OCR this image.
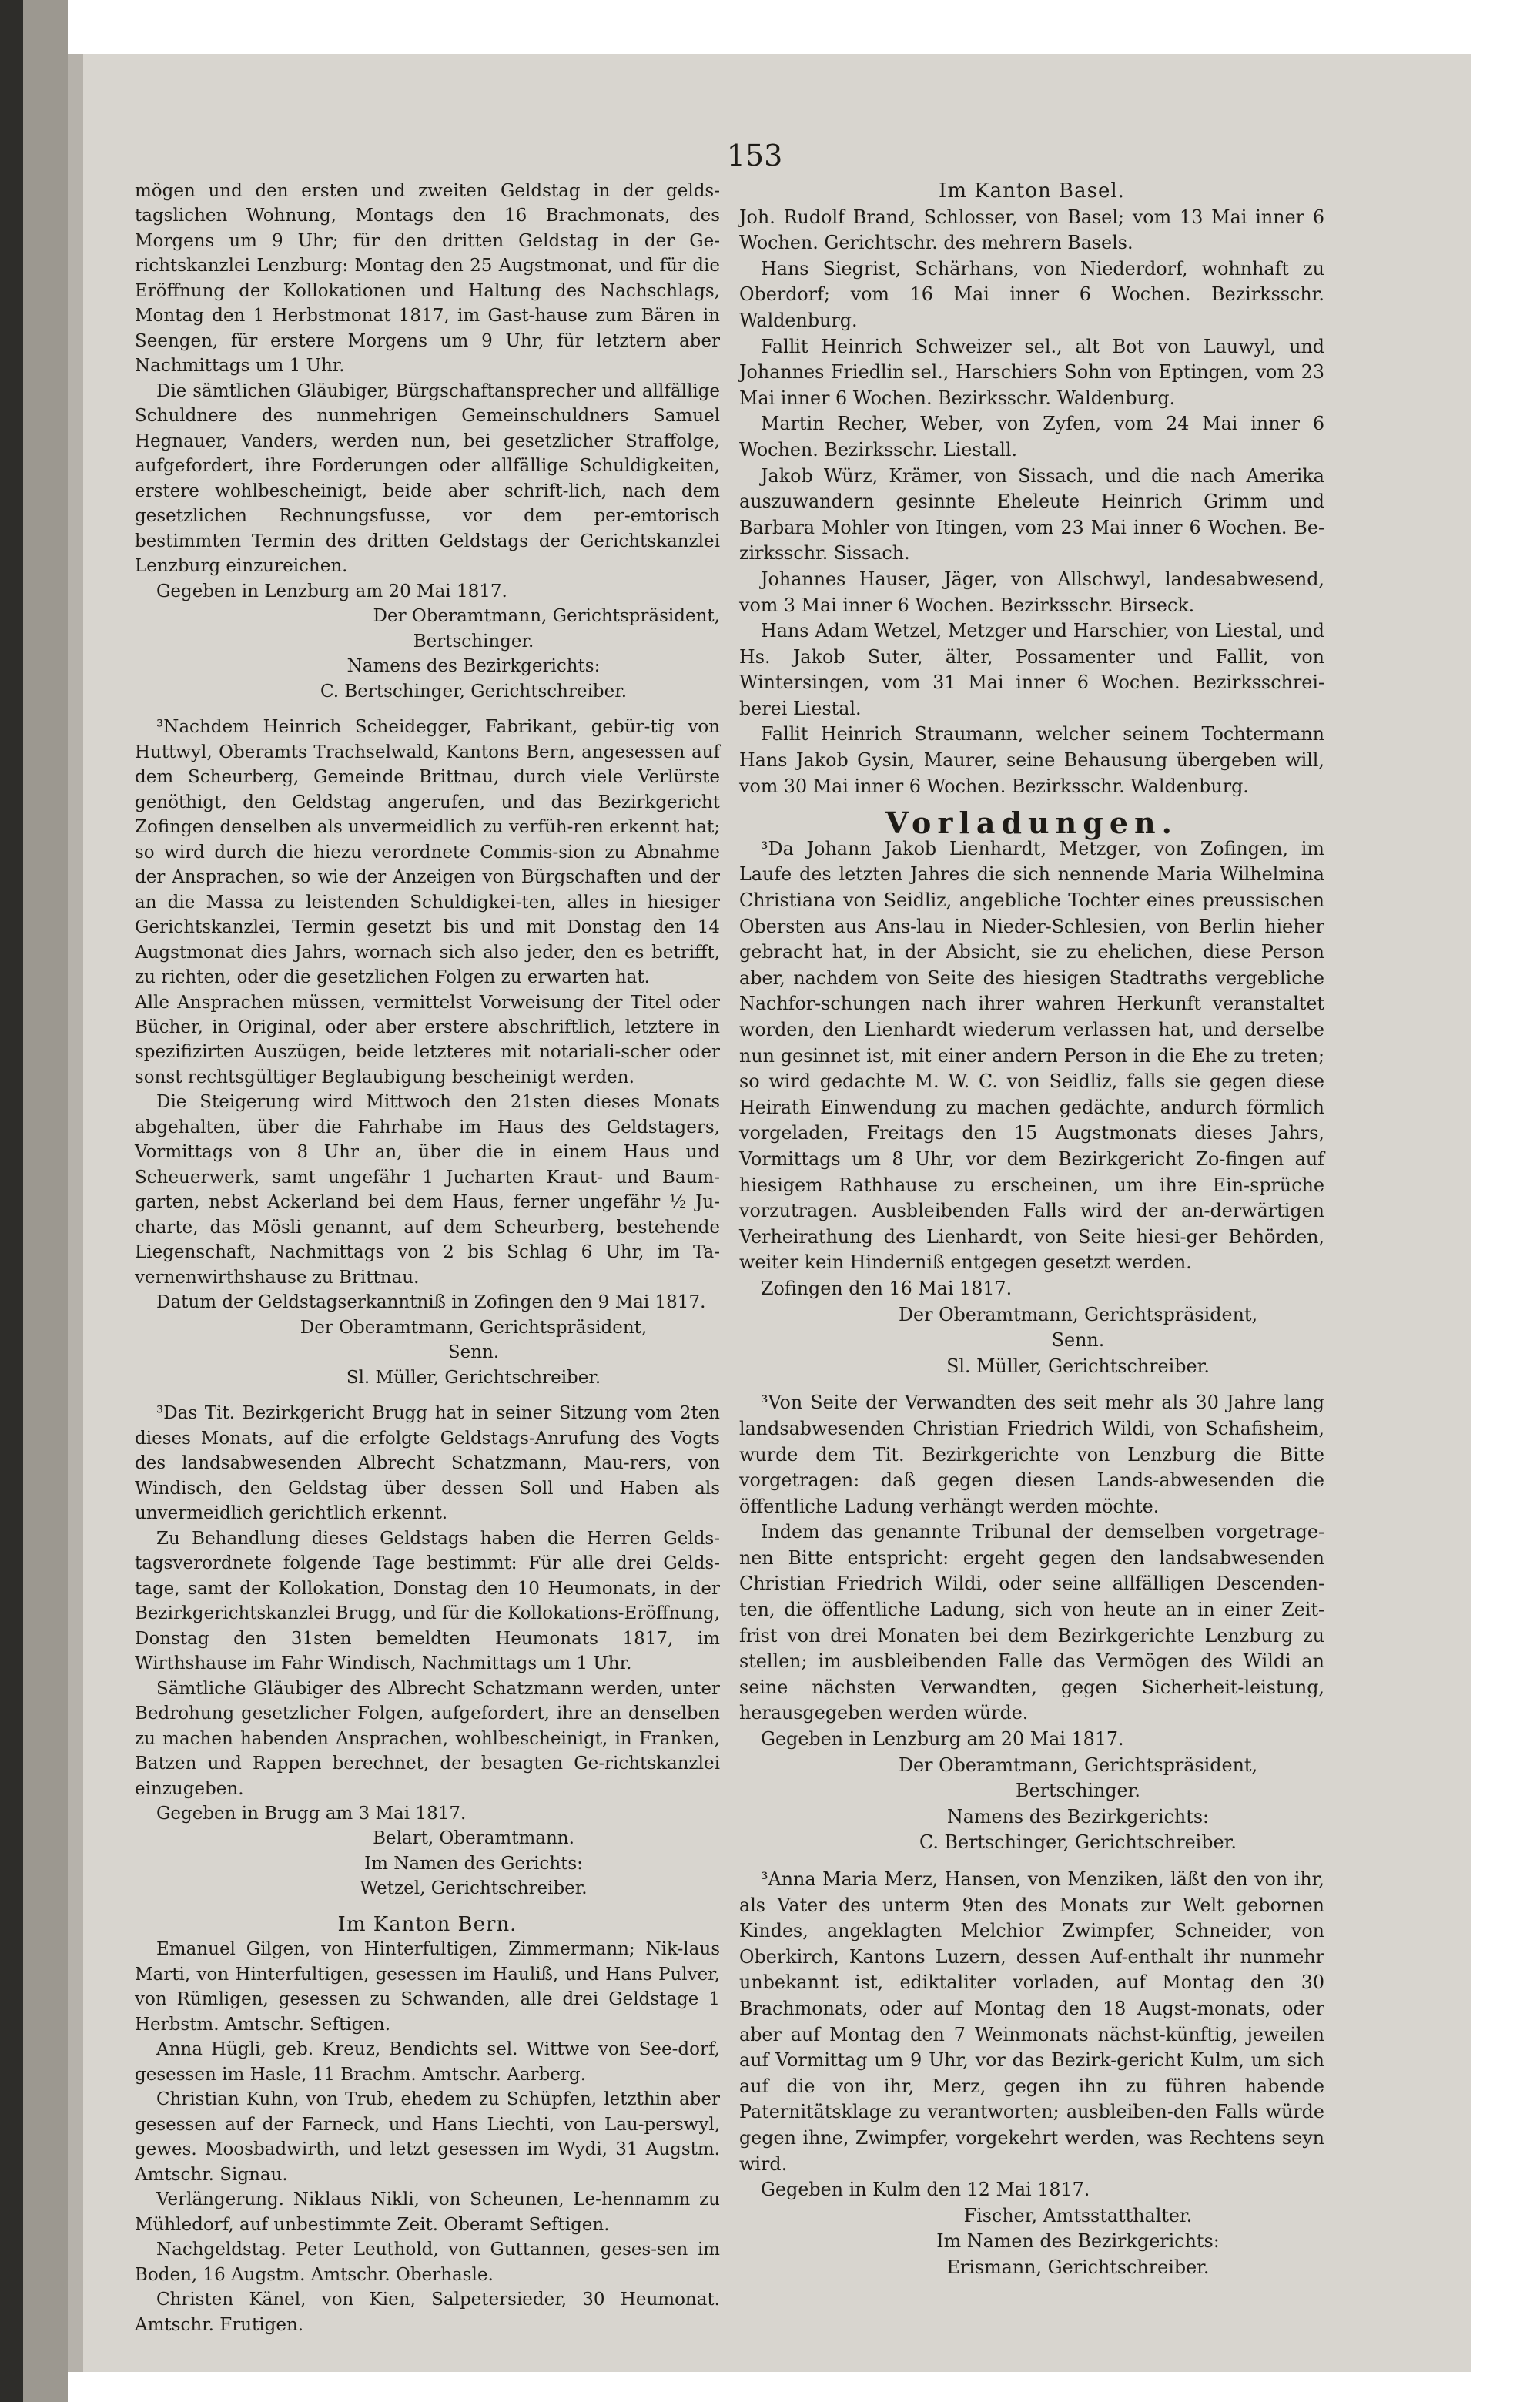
153

mögen und den ersten und zweiten Geldstag in der gelds-tagslichen Wohnung, Montags den 16 Brachmonats, des Morgens um 9 Uhr; für den dritten Geldstag in der Ge-richtskanzlei Lenzburg: Montag den 25 Augstmonat, und für die Eröffnung der Kollokationen und Haltung des Nachschlags, Montag den 1 Herbstmonat 1817, im Gast-hause zum Bären in Seengen, für erstere Morgens um 9 Uhr, für letztern aber Nachmittags um 1 Uhr.

Die sämtlichen Gläubiger, Bürgschaftansprecher und allfällige Schuldnere des nunmehrigen Gemeinschuldners Samuel Hegnauer, Vanders, werden nun, bei gesetzlicher Straffolge, aufgefordert, ihre Forderungen oder allfällige Schuldigkeiten, erstere wohlbescheinigt, beide aber schrift-lich, nach dem gesetzlichen Rechnungsfusse, vor dem per-emtorisch bestimmten Termin des dritten Geldstags der Gerichtskanzlei Lenzburg einzureichen.

Gegeben in Lenzburg am 20 Mai 1817.

Der Oberamtmann, Gerichtspräsident,

Bertschinger.

Namens des Bezirkgerichts:

C. Bertschinger, Gerichtschreiber.

³Nachdem Heinrich Scheidegger, Fabrikant, gebür-tig von Huttwyl, Oberamts Trachselwald, Kantons Bern, angesessen auf dem Scheurberg, Gemeinde Brittnau, durch viele Verlürste genöthigt, den Geldstag angerufen, und das Bezirkgericht Zofingen denselben als unvermeidlich zu verfüh-ren erkennt hat; so wird durch die hiezu verordnete Commis-sion zu Abnahme der Ansprachen, so wie der Anzeigen von Bürgschaften und der an die Massa zu leistenden Schuldigkei-ten, alles in hiesiger Gerichtskanzlei, Termin gesetzt bis und mit Donstag den 14 Augstmonat dies Jahrs, wornach sich also jeder, den es betrifft, zu richten, oder die gesetzlichen Folgen zu erwarten hat.

Alle Ansprachen müssen, vermittelst Vorweisung der Titel oder Bücher, in Original, oder aber erstere abschriftlich, letztere in spezifizirten Auszügen, beide letzteres mit notariali-scher oder sonst rechtsgültiger Beglaubigung bescheinigt werden.

Die Steigerung wird Mittwoch den 21sten dieses Monats abgehalten, über die Fahrhabe im Haus des Geldstagers, Vormittags von 8 Uhr an, über die in einem Haus und Scheuerwerk, samt ungefähr 1 Jucharten Kraut- und Baum-garten, nebst Ackerland bei dem Haus, ferner ungefähr ½ Ju-charte, das Mösli genannt, auf dem Scheurberg, bestehende Liegenschaft, Nachmittags von 2 bis Schlag 6 Uhr, im Ta-vernenwirthshause zu Brittnau.

Datum der Geldstagserkanntniß in Zofingen den 9 Mai 1817.

Der Oberamtmann, Gerichtspräsident,

Senn.

Sl. Müller, Gerichtschreiber.

³Das Tit. Bezirkgericht Brugg hat in seiner Sitzung vom 2ten dieses Monats, auf die erfolgte Geldstags-Anrufung des Vogts des landsabwesenden Albrecht Schatzmann, Mau-rers, von Windisch, den Geldstag über dessen Soll und Haben als unvermeidlich gerichtlich erkennt.

Zu Behandlung dieses Geldstags haben die Herren Gelds-tagsverordnete folgende Tage bestimmt: Für alle drei Gelds-tage, samt der Kollokation, Donstag den 10 Heumonats, in der Bezirkgerichtskanzlei Brugg, und für die Kollokations-Eröffnung, Donstag den 31sten bemeldten Heumonats 1817, im Wirthshause im Fahr Windisch, Nachmittags um 1 Uhr.

Sämtliche Gläubiger des Albrecht Schatzmann werden, unter Bedrohung gesetzlicher Folgen, aufgefordert, ihre an denselben zu machen habenden Ansprachen, wohlbescheinigt, in Franken, Batzen und Rappen berechnet, der besagten Ge-richtskanzlei einzugeben.

Gegeben in Brugg am 3 Mai 1817.

Belart, Oberamtmann.

Im Namen des Gerichts:

Wetzel, Gerichtschreiber.

Im Kanton Bern.

Emanuel Gilgen, von Hinterfultigen, Zimmermann; Nik-laus Marti, von Hinterfultigen, gesessen im Hauliß, und Hans Pulver, von Rümligen, gesessen zu Schwanden, alle drei Geldstage 1 Herbstm. Amtschr. Seftigen.

Anna Hügli, geb. Kreuz, Bendichts sel. Wittwe von See-dorf, gesessen im Hasle, 11 Brachm. Amtschr. Aarberg.

Christian Kuhn, von Trub, ehedem zu Schüpfen, letzthin aber gesessen auf der Farneck, und Hans Liechti, von Lau-perswyl, gewes. Moosbadwirth, und letzt gesessen im Wydi, 31 Augstm. Amtschr. Signau.

Verlängerung. Niklaus Nikli, von Scheunen, Le-hennamm zu Mühledorf, auf unbestimmte Zeit. Oberamt Seftigen.

Nachgeldstag. Peter Leuthold, von Guttannen, geses-sen im Boden, 16 Augstm. Amtschr. Oberhasle.

Christen Känel, von Kien, Salpetersieder, 30 Heumonat. Amtschr. Frutigen.

Im Kanton Basel.

Joh. Rudolf Brand, Schlosser, von Basel; vom 13 Mai inner 6 Wochen. Gerichtschr. des mehrern Basels.

Hans Siegrist, Schärhans, von Niederdorf, wohnhaft zu Oberdorf; vom 16 Mai inner 6 Wochen. Bezirksschr. Waldenburg.

Fallit Heinrich Schweizer sel., alt Bot von Lauwyl, und Johannes Friedlin sel., Harschiers Sohn von Eptingen, vom 23 Mai inner 6 Wochen. Bezirksschr. Waldenburg.

Martin Recher, Weber, von Zyfen, vom 24 Mai inner 6 Wochen. Bezirksschr. Liestall.

Jakob Würz, Krämer, von Sissach, und die nach Amerika auszuwandern gesinnte Eheleute Heinrich Grimm und Barbara Mohler von Itingen, vom 23 Mai inner 6 Wochen. Be-zirksschr. Sissach.

Johannes Hauser, Jäger, von Allschwyl, landesabwesend, vom 3 Mai inner 6 Wochen. Bezirksschr. Birseck.

Hans Adam Wetzel, Metzger und Harschier, von Liestal, und Hs. Jakob Suter, älter, Possamenter und Fallit, von Wintersingen, vom 31 Mai inner 6 Wochen. Bezirksschrei-berei Liestal.

Fallit Heinrich Straumann, welcher seinem Tochtermann Hans Jakob Gysin, Maurer, seine Behausung übergeben will, vom 30 Mai inner 6 Wochen. Bezirksschr. Waldenburg.

Vorladungen.

³Da Johann Jakob Lienhardt, Metzger, von Zofingen, im Laufe des letzten Jahres die sich nennende Maria Wilhelmina Christiana von Seidliz, angebliche Tochter eines preussischen Obersten aus Ans-lau in Nieder-Schlesien, von Berlin hieher gebracht hat, in der Absicht, sie zu ehelichen, diese Person aber, nachdem von Seite des hiesigen Stadtraths vergebliche Nachfor-schungen nach ihrer wahren Herkunft veranstaltet worden, den Lienhardt wiederum verlassen hat, und derselbe nun gesinnet ist, mit einer andern Person in die Ehe zu treten; so wird gedachte M. W. C. von Seidliz, falls sie gegen diese Heirath Einwendung zu machen gedächte, andurch förmlich vorgeladen, Freitags den 15 Augstmonats dieses Jahrs, Vormittags um 8 Uhr, vor dem Bezirkgericht Zo-fingen auf hiesigem Rathhause zu erscheinen, um ihre Ein-sprüche vorzutragen. Ausbleibenden Falls wird der an-derwärtigen Verheirathung des Lienhardt, von Seite hiesi-ger Behörden, weiter kein Hinderniß entgegen gesetzt werden.

Zofingen den 16 Mai 1817.

Der Oberamtmann, Gerichtspräsident,

Senn.

Sl. Müller, Gerichtschreiber.

³Von Seite der Verwandten des seit mehr als 30 Jahre lang landsabwesenden Christian Friedrich Wildi, von Schafisheim, wurde dem Tit. Bezirkgerichte von Lenzburg die Bitte vorgetragen: daß gegen diesen Lands-abwesenden die öffentliche Ladung verhängt werden möchte.

Indem das genannte Tribunal der demselben vorgetrage-nen Bitte entspricht: ergeht gegen den landsabwesenden Christian Friedrich Wildi, oder seine allfälligen Descenden-ten, die öffentliche Ladung, sich von heute an in einer Zeit-frist von drei Monaten bei dem Bezirkgerichte Lenzburg zu stellen; im ausbleibenden Falle das Vermögen des Wildi an seine nächsten Verwandten, gegen Sicherheit-leistung, herausgegeben werden würde.

Gegeben in Lenzburg am 20 Mai 1817.

Der Oberamtmann, Gerichtspräsident,

Bertschinger.

Namens des Bezirkgerichts:

C. Bertschinger, Gerichtschreiber.

³Anna Maria Merz, Hansen, von Menziken, läßt den von ihr, als Vater des unterm 9ten des Monats zur Welt gebornen Kindes, angeklagten Melchior Zwimpfer, Schneider, von Oberkirch, Kantons Luzern, dessen Auf-enthalt ihr nunmehr unbekannt ist, ediktaliter vorladen, auf Montag den 30 Brachmonats, oder auf Montag den 18 Augst-monats, oder aber auf Montag den 7 Weinmonats nächst-künftig, jeweilen auf Vormittag um 9 Uhr, vor das Bezirk-gericht Kulm, um sich auf die von ihr, Merz, gegen ihn zu führen habende Paternitätsklage zu verantworten; ausbleiben-den Falls würde gegen ihne, Zwimpfer, vorgekehrt werden, was Rechtens seyn wird.

Gegeben in Kulm den 12 Mai 1817.

Fischer, Amtsstatthalter.

Im Namen des Bezirkgerichts:

Erismann, Gerichtschreiber.
